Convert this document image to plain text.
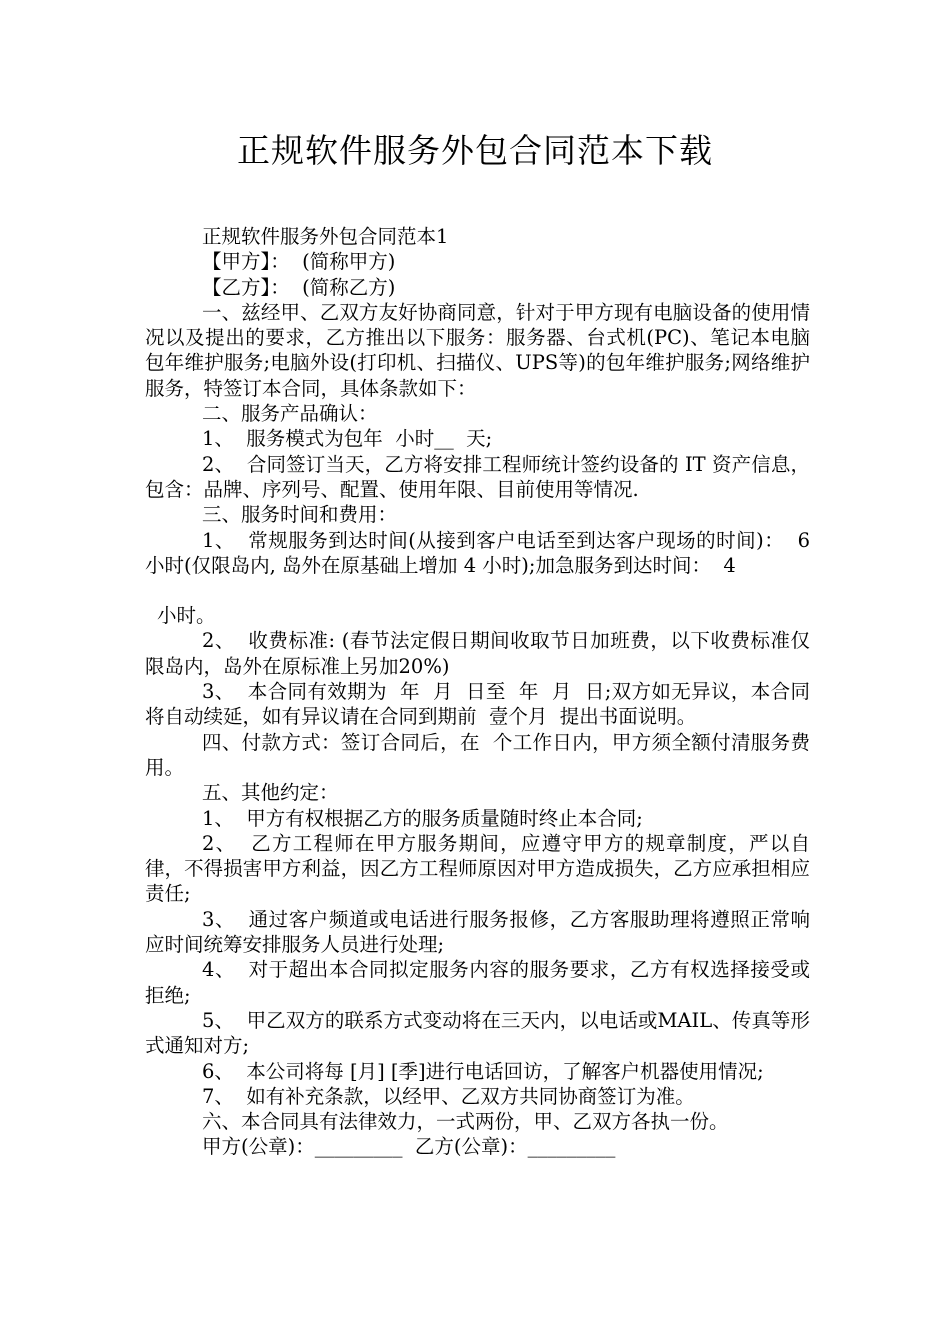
正规软件服务外包合同范本下载

正规软件服务外包合同范本1

【甲方】：  (简称甲方)

【乙方】：  (简称乙方)

一、兹经甲、乙双方友好协商同意，针对于甲方现有电脑设备的使用情况以及提出的要求，乙方推出以下服务：服务器、台式机(PC)、笔记本电脑包年维护服务;电脑外设(打印机、扫描仪、UPS等)的包年维护服务;网络维护服务，特签订本合同，具体条款如下：

二、服务产品确认：

1、  服务模式为包年  小时__  天;

2、  合同签订当天，乙方将安排工程师统计签约设备的 IT 资产信息，包含：品牌、序列号、配置、使用年限、目前使用等情况.

三、服务时间和费用：

1、  常规服务到达时间(从接到客户电话至到达客户现场的时间)：  6  小时(仅限岛内, 岛外在原基础上增加 4 小时);加急服务到达时间：  4

小时。

2、  收费标准: (春节法定假日期间收取节日加班费，以下收费标准仅限岛内，岛外在原标准上另加20%)

3、  本合同有效期为  年  月  日至  年  月  日;双方如无异议，本合同将自动续延，如有异议请在合同到期前  壹个月  提出书面说明。

四、付款方式：签订合同后，在  个工作日内，甲方须全额付清服务费用。

五、其他约定：

1、  甲方有权根据乙方的服务质量随时终止本合同;

2、  乙方工程师在甲方服务期间，应遵守甲方的规章制度，严以自律，不得损害甲方利益，因乙方工程师原因对甲方造成损失，乙方应承担相应责任;

3、  通过客户频道或电话进行服务报修，乙方客服助理将遵照正常响应时间统筹安排服务人员进行处理;

4、  对于超出本合同拟定服务内容的服务要求，乙方有权选择接受或拒绝;

5、  甲乙双方的联系方式变动将在三天内，以电话或MAIL、传真等形式通知对方;

6、  本公司将每 [月] [季]进行电话回访，了解客户机器使用情况;

7、  如有补充条款，以经甲、乙双方共同协商签订为准。

六、本合同具有法律效力，一式两份，甲、乙双方各执一份。

甲方(公章)：_________  乙方(公章)：_________
